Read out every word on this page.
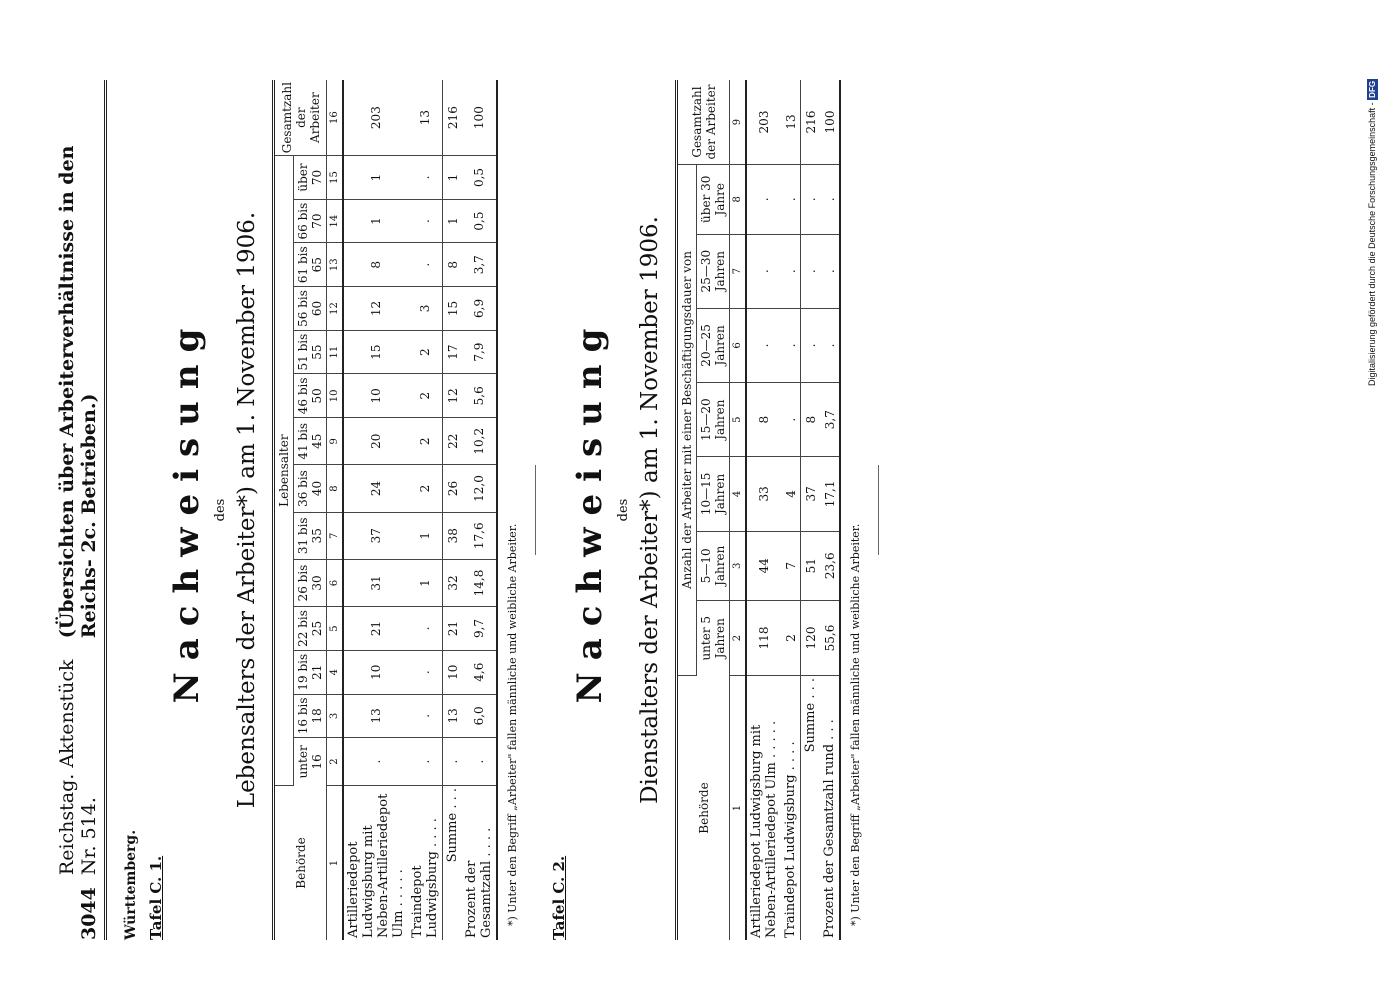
3044
Reichstag. Aktenstück Nr. 514.
(Übersichten über Arbeiterverhältnisse in den Reichs- 2c. Betrieben.)
Württemberg. Tafel C. 1.
Nachweisung des Lebensalters der Arbeiter*) am 1. November 1906.
Behörde	Lebensalter														Gesamtzahl der Arbeiter
	unter 16	16 bis 18	19 bis 21	22 bis 25	26 bis 30	31 bis 35	36 bis 40	41 bis 45	46 bis 50	51 bis 55	56 bis 60	61 bis 65	66 bis 70	über 70	
1	2	3	4	5	6	7	8	9	10	11	12	13	14	15	16
Artilleriedepot Ludwigsburg mit Neben-Artilleriedepot Ulm . . . . .	.	13	10	21	31	37	24	20	10	15	12	8	1	1	203
Traindepot Ludwigsburg . . . .	.	.	.	.	1	1	2	2	2	2	3	.	.	.	13
Summe . . .	.	13	10	21	32	38	26	22	12	17	15	8	1	1	216
Prozent der Gesamtzahl . . . .	.	6,0	4,6	9,7	14,8	17,6	12,0	10,2	5,6	7,9	6,9	3,7	0,5	0,5	100
*) Unter den Begriff „Arbeiter" fallen männliche und weibliche Arbeiter. Tafel C. 2.
Nachweisung des Dienstalters der Arbeiter*) am 1. November 1906.
Behörde	Anzahl der Arbeiter mit einer Beschäftigungsdauer von							Gesamtzahl der Arbeiter
	unter 5 Jahren	5—10 Jahren	10—15 Jahren	15—20 Jahren	20—25 Jahren	25—30 Jahren	über 30 Jahre	
1	2	3	4	5	6	7	8	9
Artilleriedepot Ludwigsburg mit Neben-Artilleriedepot Ulm . . . . .	118	44	33	8	.	.	.	203
Traindepot Ludwigsburg . . . .	2	7	4	.	.	.	.	13
Summe . . .	120	51	37	8	.	.	.	216
Prozent der Gesamtzahl rund . . .	55,6	23,6	17,1	3,7	.	.	.	100
*) Unter den Begriff „Arbeiter" fallen männliche und weibliche Arbeiter.
Digitalisierung gefördert durch die Deutsche Forschungsgemeinschaft - DFG
